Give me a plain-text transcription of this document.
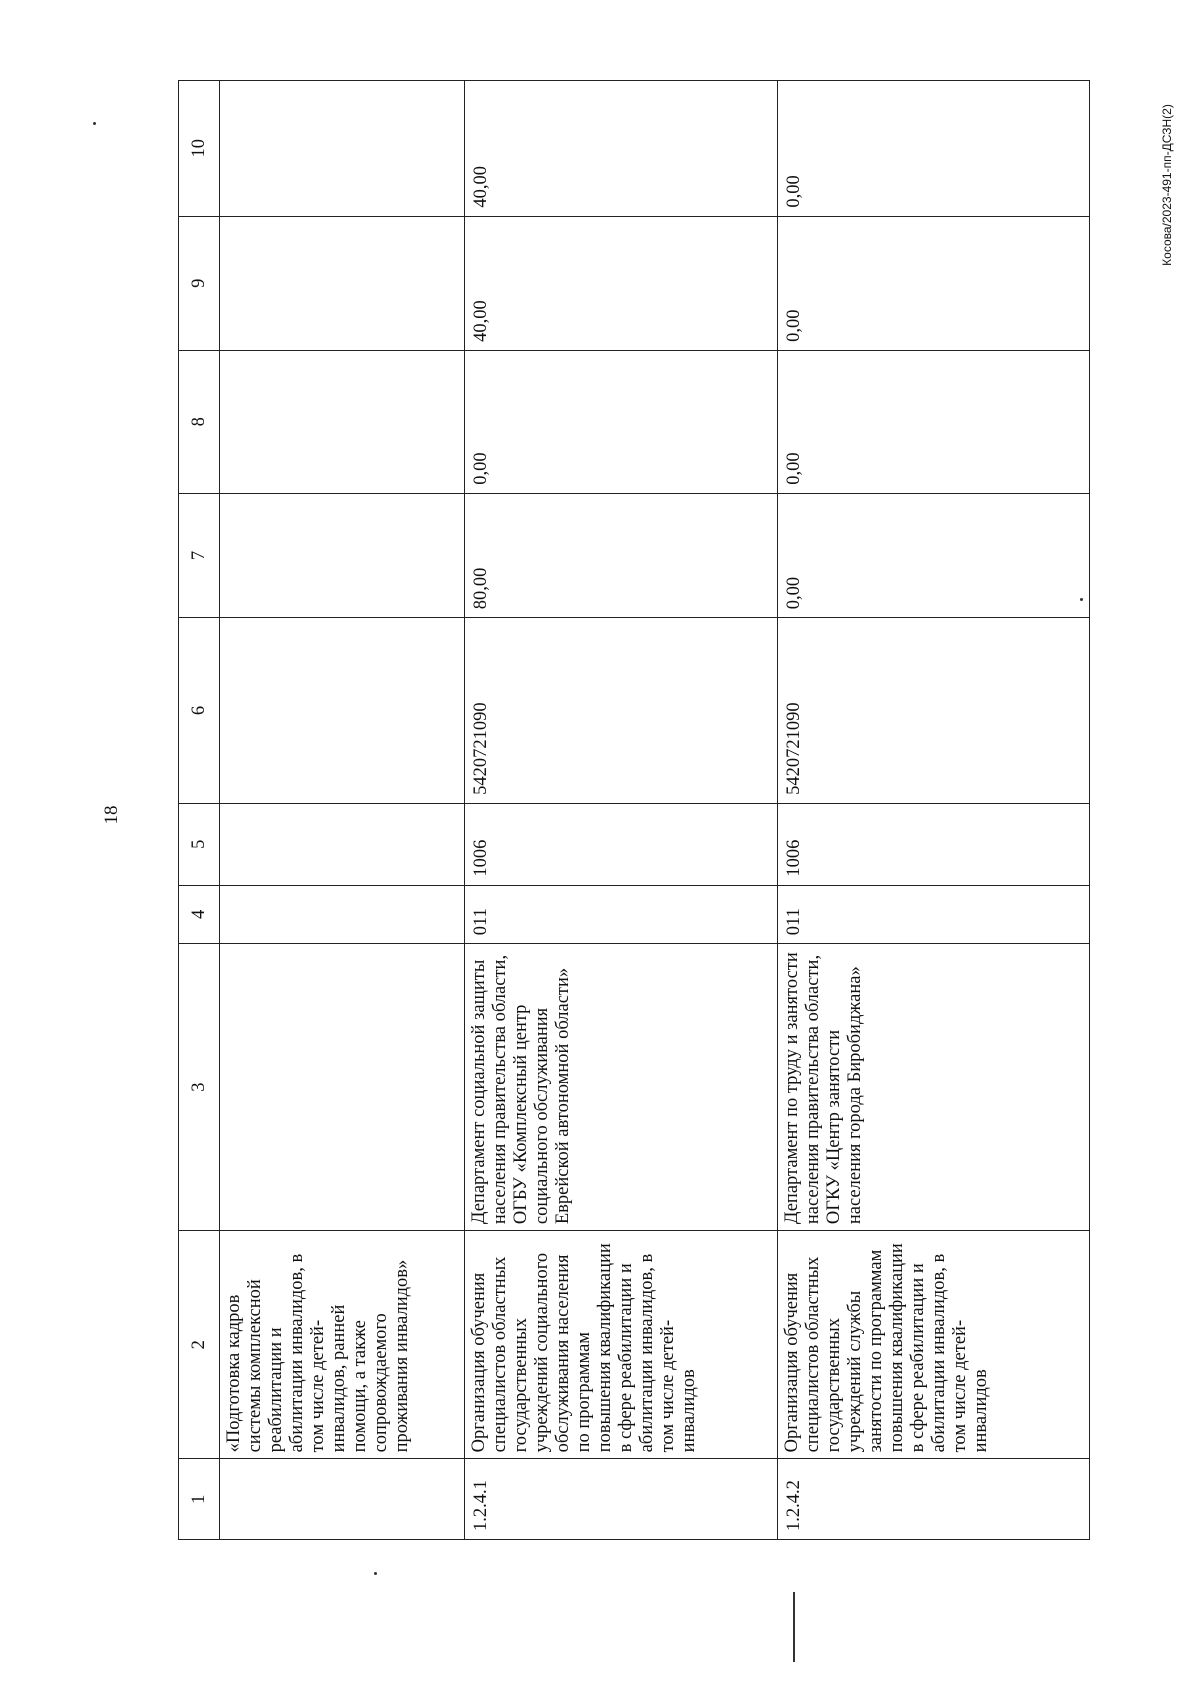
18
Косова/2023-491-пп-ДСЗН(2)
1	2	3	4	5	6	7	8	9	10
	«Подготовка кадров системы комплексной реабилитации и абилитации инвалидов, в том числе детей-инвалидов, ранней помощи, а также сопровождаемого проживания инвалидов»								
1.2.4.1	Организация обучения специалистов областных государственных учреждений социального обслуживания населения по программам повышения квалификации в сфере реабилитации и абилитации инвалидов, в том числе детей-инвалидов	Департамент социальной защиты населения правительства области, ОГБУ «Комплексный центр социального обслуживания Еврейской автономной области»	011	1006	5420721090	80,00	0,00	40,00	40,00
1.2.4.2	Организация обучения специалистов областных государственных учреждений службы занятости по программам повышения квалификации в сфере реабилитации и абилитации инвалидов, в том числе детей-инвалидов	Департамент по труду и занятости населения правительства области, ОГКУ «Центр занятости населения города Биробиджана»	011	1006	5420721090	0,00	0,00	0,00	0,00
